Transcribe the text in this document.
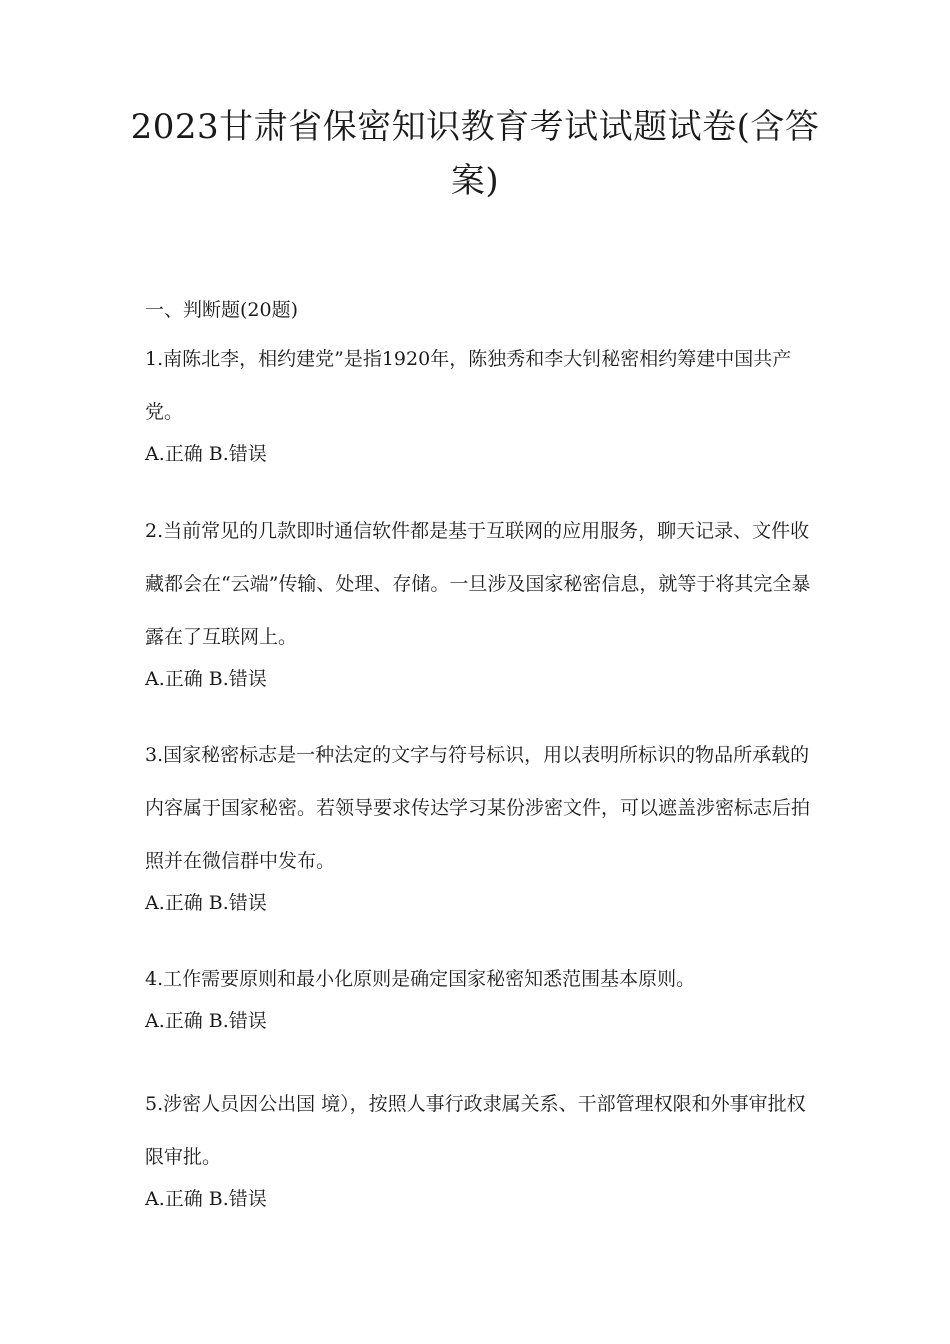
2023甘肃省保密知识教育考试试题试卷(含答案)

一、判断题(20题)

1.南陈北李，相约建党”是指1920年，陈独秀和李大钊秘密相约筹建中国共产党。

A.正确 B.错误

2.当前常见的几款即时通信软件都是基于互联网的应用服务，聊天记录、文件收藏都会在“云端”传输、处理、存储。一旦涉及国家秘密信息，就等于将其完全暴露在了互联网上。

A.正确 B.错误

3.国家秘密标志是一种法定的文字与符号标识，用以表明所标识的物品所承载的内容属于国家秘密。若领导要求传达学习某份涉密文件，可以遮盖涉密标志后拍照并在微信群中发布。

A.正确 B.错误

4.工作需要原则和最小化原则是确定国家秘密知悉范围基本原则。

A.正确 B.错误

5.涉密人员因公出国 境），按照人事行政隶属关系、干部管理权限和外事审批权限审批。

A.正确 B.错误
